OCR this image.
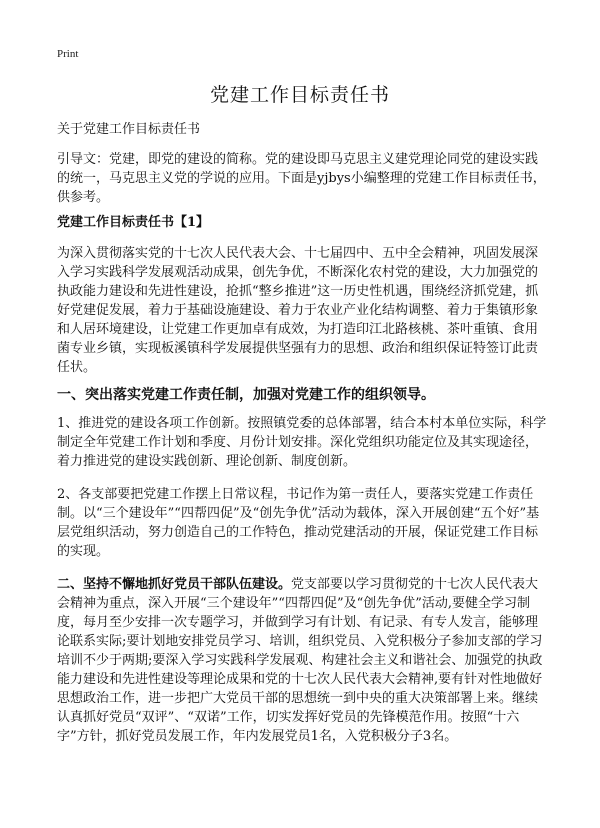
Print
党建工作目标责任书

关于党建工作目标责任书

引导文：党建，即党的建设的简称。党的建设即马克思主义建党理论同党的建设实践的统一，马克思主义党的学说的应用。下面是yjbys小编整理的党建工作目标责任书，供参考。

党建工作目标责任书【1】

为深入贯彻落实党的十七次人民代表大会、十七届四中、五中全会精神，巩固发展深入学习实践科学发展观活动成果，创先争优，不断深化农村党的建设，大力加强党的执政能力建设和先进性建设，抢抓“整乡推进”这一历史性机遇，围绕经济抓党建，抓好党建促发展，着力于基础设施建设、着力于农业产业化结构调整、着力于集镇形象和人居环境建设，让党建工作更加卓有成效，为打造印江北路核桃、茶叶重镇、食用菌专业乡镇，实现板溪镇科学发展提供坚强有力的思想、政治和组织保证特签订此责任状。

一、突出落实党建工作责任制，加强对党建工作的组织领导。

1、推进党的建设各项工作创新。按照镇党委的总体部署，结合本村本单位实际，科学制定全年党建工作计划和季度、月份计划安排。深化党组织功能定位及其实现途径，着力推进党的建设实践创新、理论创新、制度创新。

2、各支部要把党建工作摆上日常议程，书记作为第一责任人，要落实党建工作责任制。以“三个建设年”“四帮四促”及“创先争优”活动为载体，深入开展创建“五个好”基层党组织活动，努力创造自己的工作特色，推动党建活动的开展，保证党建工作目标的实现。

二、坚持不懈地抓好党员干部队伍建设。党支部要以学习贯彻党的十七次人民代表大会精神为重点，深入开展“三个建设年”“四帮四促”及“创先争优”活动,要健全学习制度，每月至少安排一次专题学习，并做到学习有计划、有记录、有专人发言，能够理论联系实际;要计划地安排党员学习、培训，组织党员、入党积极分子参加支部的学习培训不少于两期;要深入学习实践科学发展观、构建社会主义和谐社会、加强党的执政能力建设和先进性建设等理论成果和党的十七次人民代表大会精神,要有针对性地做好思想政治工作，进一步把广大党员干部的思想统一到中央的重大决策部署上来。继续认真抓好党员“双评”、“双诺”工作，切实发挥好党员的先锋模范作用。按照“十六字”方针，抓好党员发展工作，年内发展党员1名，入党积极分子3名。
